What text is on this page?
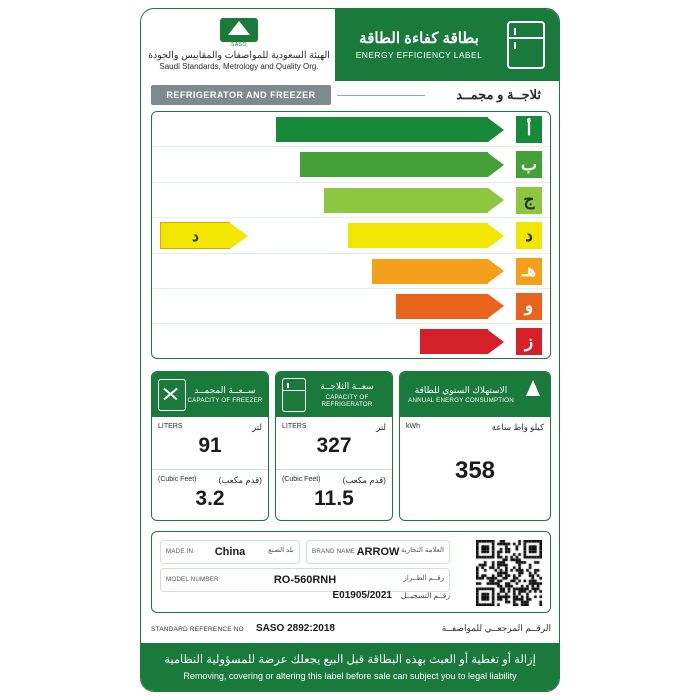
SASO
الهيئة السعودية للمواصفات والمقاييس والجودة
Saudi Standards, Metrology and Quality Org.
بطاقة كفاءة الطاقة
ENERGY EFFICIENCY LABEL
REFRIGERATOR AND FREEZER	ثلاجــة و مجمــد
أ
ب
ج
د
د
هـ
و
ز
ســعــة المجمــد
CAPACITY OF FREEZER
LITERS	لتر
91
(Cubic Feet)	(قدم مكعب)
3.2
سعــة الثلاجــة
CAPACITY OF REFRIGERATOR
LITERS	لتر
327
(Cubic Feet)	(قدم مكعب)
11.5
الاستهلاك السنوي للطاقة
ANNUAL ENERGY CONSUMPTION
kWh	كيلو واط ساعة
358
MADE IN	بلد الصنع
China	BRAND NAME	العلامة التجارية
ARROW
MODEL NUMBER	رقــم الطــراز
RO-560RNH
رقــم التسجيــل
E01905/2021
STANDARD REFERENCE NO SASO 2892:2018	الرقــم المرجعــي للمواصفــة
إزالة أو تغطية أو العبث بهذه البطاقة قبل البيع يجعلك عرضة للمسؤولية النظامية
Removing, covering or altering this label before sale can subject you to legal liability
